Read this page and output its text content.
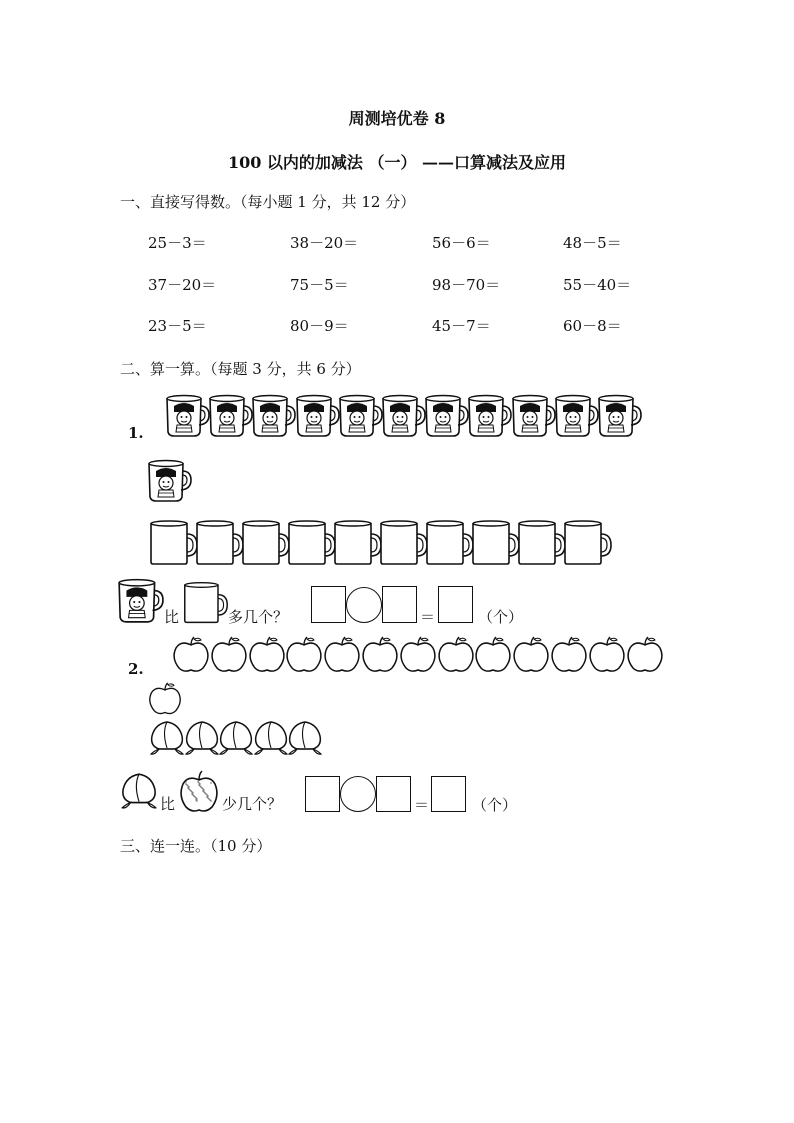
周测培优卷 8
100 以内的加减法 （一） ——口算减法及应用
一、直接写得数。（每小题 1 分，共 12 分）
25－3＝	38－20＝	56－6＝	48－5＝
37－20＝	75－5＝	98－70＝	55－40＝
23－5＝	80－9＝	45－7＝	60－8＝
二、算一算。（每题 3 分，共 6 分）
1.
比	多几个？	＝	（个）
2.
比	少几个？	＝	（个）
三、连一连。（10 分）
